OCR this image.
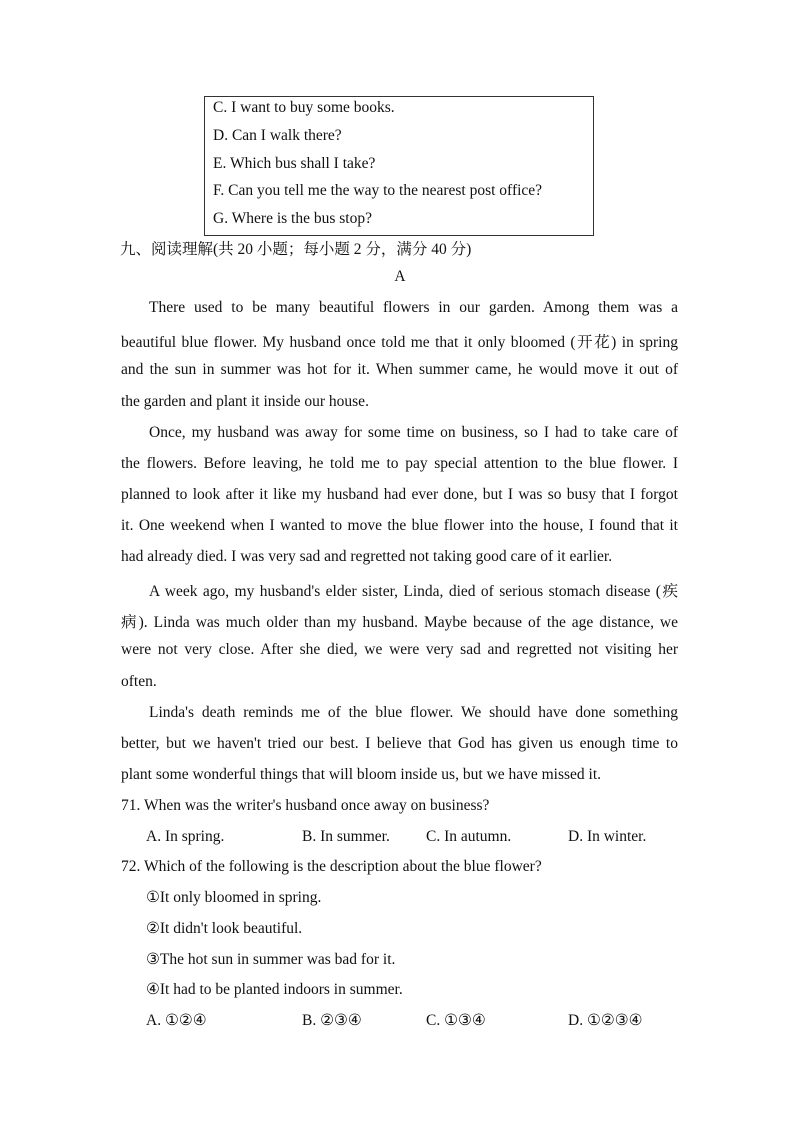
C. I want to buy some books.
D. Can I walk there?
E. Which bus shall I take?
F. Can you tell me the way to the nearest post office?
G. Where is the bus stop?
九、阅读理解(共 20 小题；每小题 2 分，满分 40 分)
A
There used to be many beautiful flowers in our garden. Among them was a
beautiful blue flower. My husband once told me that it only bloomed (开花) in spring
and the sun in summer was hot for it. When summer came, he would move it out of
the garden and plant it inside our house.
Once, my husband was away for some time on business, so I had to take care of
the flowers. Before leaving, he told me to pay special attention to the blue flower. I
planned to look after it like my husband had ever done, but I was so busy that I forgot
it. One weekend when I wanted to move the blue flower into the house, I found that it
had already died. I was very sad and regretted not taking good care of it earlier.
A week ago, my husband's elder sister, Linda, died of serious stomach disease (疾
病). Linda was much older than my husband. Maybe because of the age distance, we
were not very close. After she died, we were very sad and regretted not visiting her
often.
Linda's death reminds me of the blue flower. We should have done something
better, but we haven't tried our best. I believe that God has given us enough time to
plant some wonderful things that will bloom inside us, but we have missed it.
71. When was the writer's husband once away on business?
A. In spring.	B. In summer. C. In autumn.	D. In winter.
72. Which of the following is the description about the blue flower?
①It only bloomed in spring.
②It didn't look beautiful.
③The hot sun in summer was bad for it.
④It had to be planted indoors in summer.
A. ①②④	B. ②③④	C. ①③④	D. ①②③④
